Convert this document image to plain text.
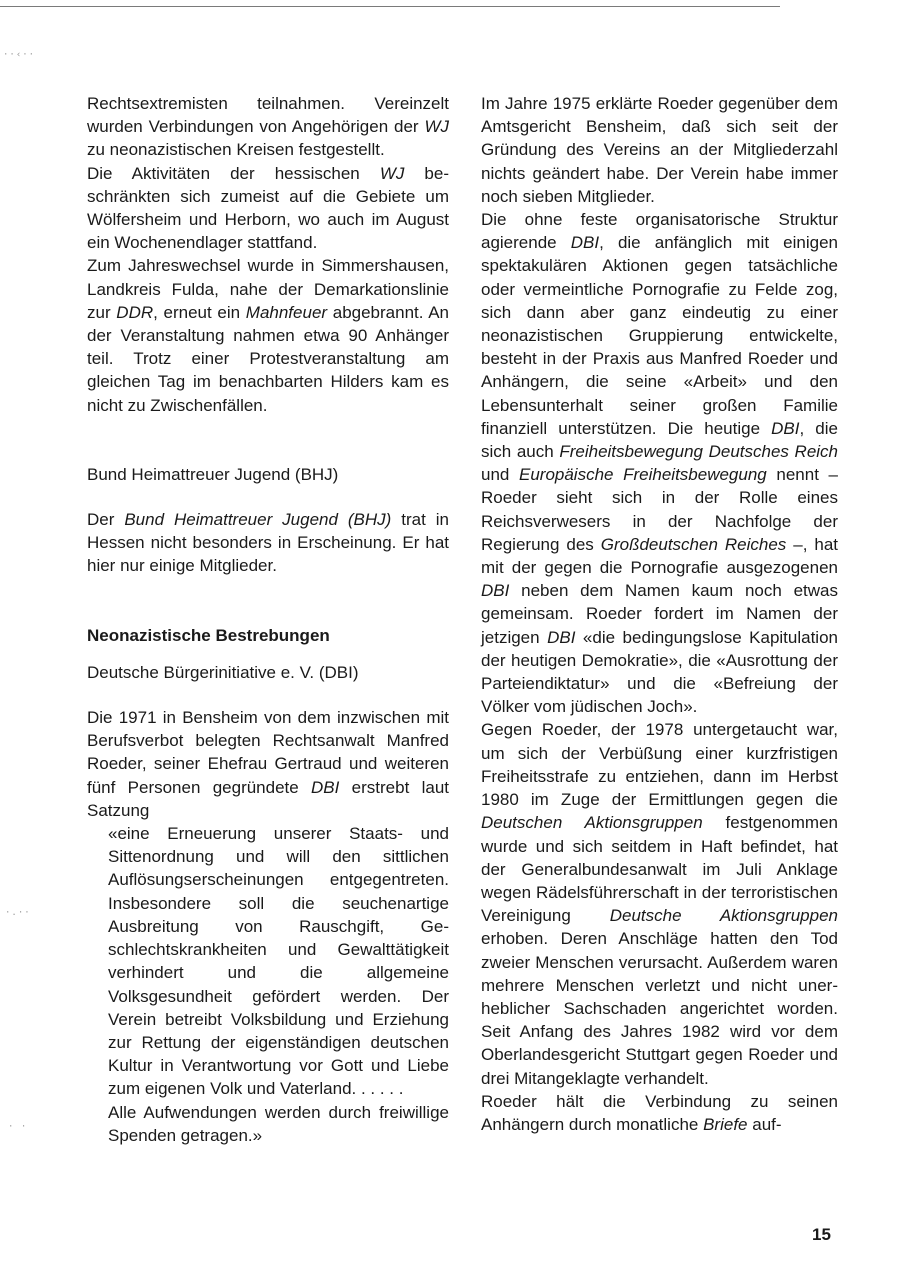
··‹··
·.··
· ·

Rechtsextremisten teilnahmen. Vereinzelt wurden Verbindungen von Angehörigen der WJ zu neonazistischen Kreisen festgestellt.

Die Aktivitäten der hessischen WJ beschränkten sich zumeist auf die Gebiete um Wölfersheim und Herborn, wo auch im August ein Wochenendlager stattfand.

Zum Jahreswechsel wurde in Simmershausen, Landkreis Fulda, nahe der Demarkationslinie zur DDR, erneut ein Mahnfeuer abgebrannt. An der Veranstaltung nahmen etwa 90 Anhänger teil. Trotz einer Protestveranstaltung am gleichen Tag im benachbarten Hilders kam es nicht zu Zwischenfällen.

Bund Heimattreuer Jugend (BHJ)

Der Bund Heimattreuer Jugend (BHJ) trat in Hessen nicht besonders in Erscheinung. Er hat hier nur einige Mitglieder.

Neonazistische Bestrebungen

Deutsche Bürgerinitiative e. V. (DBI)

Die 1971 in Bensheim von dem inzwischen mit Berufsverbot belegten Rechtsanwalt Manfred Roeder, seiner Ehefrau Gertraud und weiteren fünf Personen gegründete DBI erstrebt laut Satzung

«eine Erneuerung unserer Staats- und Sittenordnung und will den sittlichen Auflösungserscheinungen entgegentreten. Insbesondere soll die seuchenartige Ausbreitung von Rauschgift, Geschlechtskrankheiten und Gewalttätigkeit verhindert und die allgemeine Volksgesundheit gefördert werden. Der Verein betreibt Volksbildung und Erziehung zur Rettung der eigenständigen deutschen Kultur in Verantwortung vor Gott und Liebe zum eigenen Volk und Vaterland. . . . . .

Alle Aufwendungen werden durch freiwillige Spenden getragen.»

Im Jahre 1975 erklärte Roeder gegenüber dem Amtsgericht Bensheim, daß sich seit der Gründung des Vereins an der Mitgliederzahl nichts geändert habe. Der Verein habe immer noch sieben Mitglieder.

Die ohne feste organisatorische Struktur agierende DBI, die anfänglich mit einigen spektakulären Aktionen gegen tatsächliche oder vermeintliche Pornografie zu Felde zog, sich dann aber ganz eindeutig zu einer neonazistischen Gruppierung entwickelte, besteht in der Praxis aus Manfred Roeder und Anhängern, die seine «Arbeit» und den Lebensunterhalt seiner großen Familie finanziell unterstützen. Die heutige DBI, die sich auch Freiheitsbewegung Deutsches Reich und Europäische Freiheitsbewegung nennt – Roeder sieht sich in der Rolle eines Reichsverwesers in der Nachfolge der Regierung des Großdeutschen Reiches –, hat mit der gegen die Pornografie ausgezogenen DBI neben dem Namen kaum noch etwas gemeinsam. Roeder fordert im Namen der jetzigen DBI «die bedingungslose Kapitulation der heutigen Demokratie», die «Ausrottung der Parteiendiktatur» und die «Befreiung der Völker vom jüdischen Joch».

Gegen Roeder, der 1978 untergetaucht war, um sich der Verbüßung einer kurzfristigen Freiheitsstrafe zu entziehen, dann im Herbst 1980 im Zuge der Ermittlungen gegen die Deutschen Aktionsgruppen festgenommen wurde und sich seitdem in Haft befindet, hat der Generalbundesanwalt im Juli Anklage wegen Rädelsführerschaft in der terroristischen Vereinigung Deutsche Aktionsgruppen erhoben. Deren Anschläge hatten den Tod zweier Menschen verursacht. Außerdem waren mehrere Menschen verletzt und nicht unerheblicher Sachschaden angerichtet worden. Seit Anfang des Jahres 1982 wird vor dem Oberlandesgericht Stuttgart gegen Roeder und drei Mitangeklagte verhandelt.

Roeder hält die Verbindung zu seinen Anhängern durch monatliche Briefe auf-

15
